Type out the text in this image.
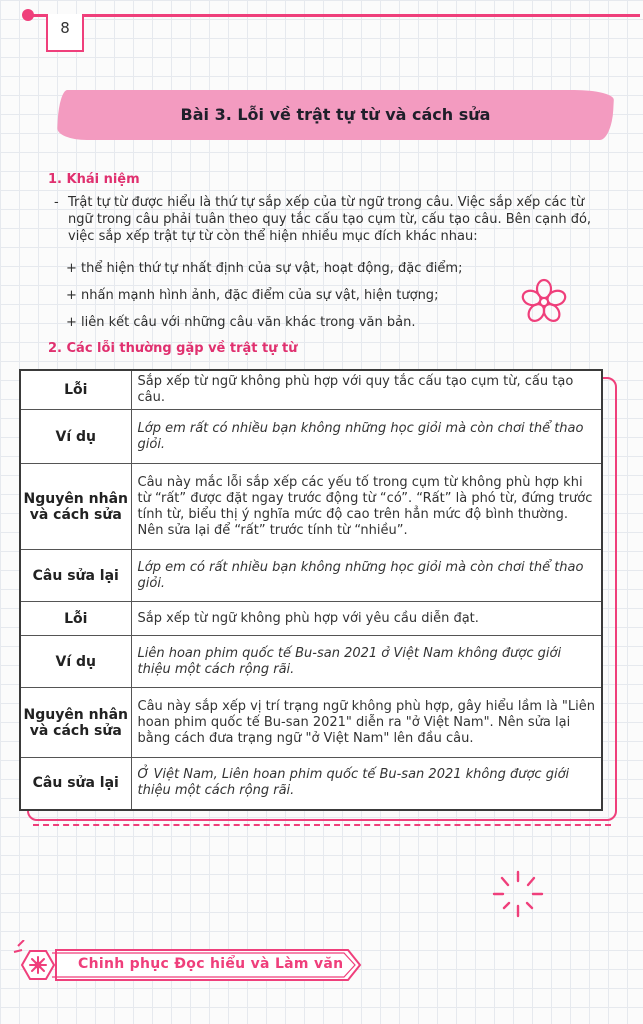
8
Bài 3. Lỗi về trật tự từ và cách sửa
1. Khái niệm
- Trật tự từ được hiểu là thứ tự sắp xếp của từ ngữ trong câu. Việc sắp xếp các từ ngữ trong câu phải tuân theo quy tắc cấu tạo cụm từ, cấu tạo câu. Bên cạnh đó, việc sắp xếp trật tự từ còn thể hiện nhiều mục đích khác nhau:
+ thể hiện thứ tự nhất định của sự vật, hoạt động, đặc điểm;
+ nhấn mạnh hình ảnh, đặc điểm của sự vật, hiện tượng;
+ liên kết câu với những câu văn khác trong văn bản.
2. Các lỗi thường gặp về trật tự từ
Lỗi	Sắp xếp từ ngữ không phù hợp với quy tắc cấu tạo cụm từ, cấu tạo câu.
Ví dụ	Lớp em rất có nhiều bạn không những học giỏi mà còn chơi thể thao giỏi.
Nguyên nhân và cách sửa	Câu này mắc lỗi sắp xếp các yếu tố trong cụm từ không phù hợp khi từ “rất” được đặt ngay trước động từ “có”. “Rất” là phó từ, đứng trước tính từ, biểu thị ý nghĩa mức độ cao trên hẳn mức độ bình thường. Nên sửa lại để “rất” trước tính từ “nhiều”.
Câu sửa lại	Lớp em có rất nhiều bạn không những học giỏi mà còn chơi thể thao giỏi.
Lỗi	Sắp xếp từ ngữ không phù hợp với yêu cầu diễn đạt.
Ví dụ	Liên hoan phim quốc tế Bu-san 2021 ở Việt Nam không được giới thiệu một cách rộng rãi.
Nguyên nhân và cách sửa	Câu này sắp xếp vị trí trạng ngữ không phù hợp, gây hiểu lầm là "Liên hoan phim quốc tế Bu-san 2021" diễn ra "ở Việt Nam". Nên sửa lại bằng cách đưa trạng ngữ "ở Việt Nam" lên đầu câu.
Câu sửa lại	Ở Việt Nam, Liên hoan phim quốc tế Bu-san 2021 không được giới thiệu một cách rộng rãi.
Chinh phục Đọc hiểu và Làm văn
